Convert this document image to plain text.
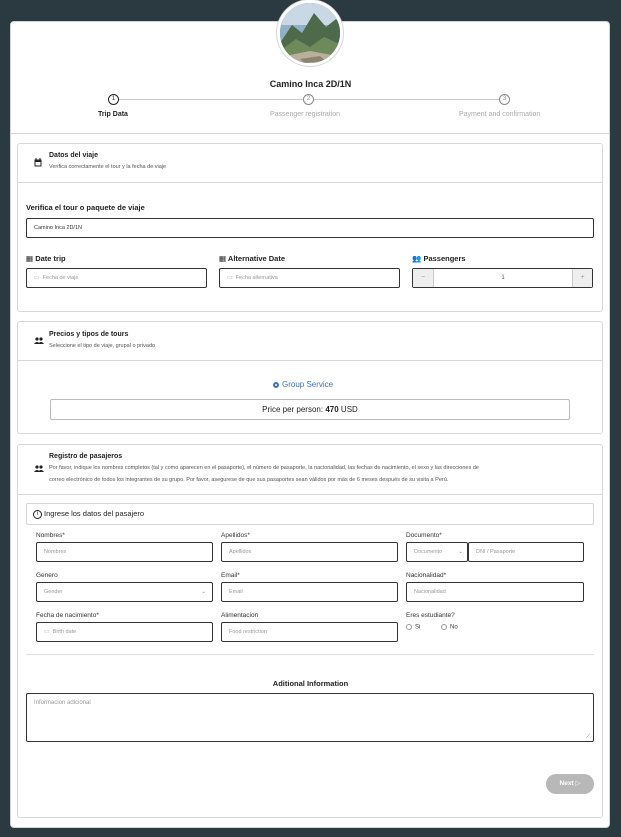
Camino Inca 2D/1N
1	2	3
Trip Data	Passenger registration	Payment and confirmation
Datos del viaje
Verifica correctamente el tour y la fecha de viaje
Verifica el tour o paquete de viaje
Camino Inca 2D/1N
▦ Date trip
▭ Fecha de viaje
▦ Alternative Date
▭ Fecha alternativa
👥 Passengers
−	1	+
Precios y tipos de tours
Seleccione el tipo de viaje, grupal o privado
Group Service
Price per person: 470 USD
Registro de pasajeros
Por favor, indique los nombres completos (tal y como aparecen en el pasaporte), el número de pasaporte, la nacionalidad, las fechas de nacimiento, el sexo y las direcciones de
correo electrónico de todos los integrantes de su grupo. Por favor, asegurese de que sus pasaportes sean válidos por más de 6 meses después de su visita a Perú.
i Ingrese los datos del pasajero
Nombres*
Nombres
Apellidos*
Apellidos
Documento*
Documento	⌄	DNI / Pasaporte
Genero
Gender	⌄
Email*
Email
Nacionalidad*
Nacionalidad
Fecha de nacimiento*
▭ Birth date
Alimentacion
Food restriction
Eres estudiante?
Si	No
Aditional Information
Informacion adicional
⟋
Next ▷
